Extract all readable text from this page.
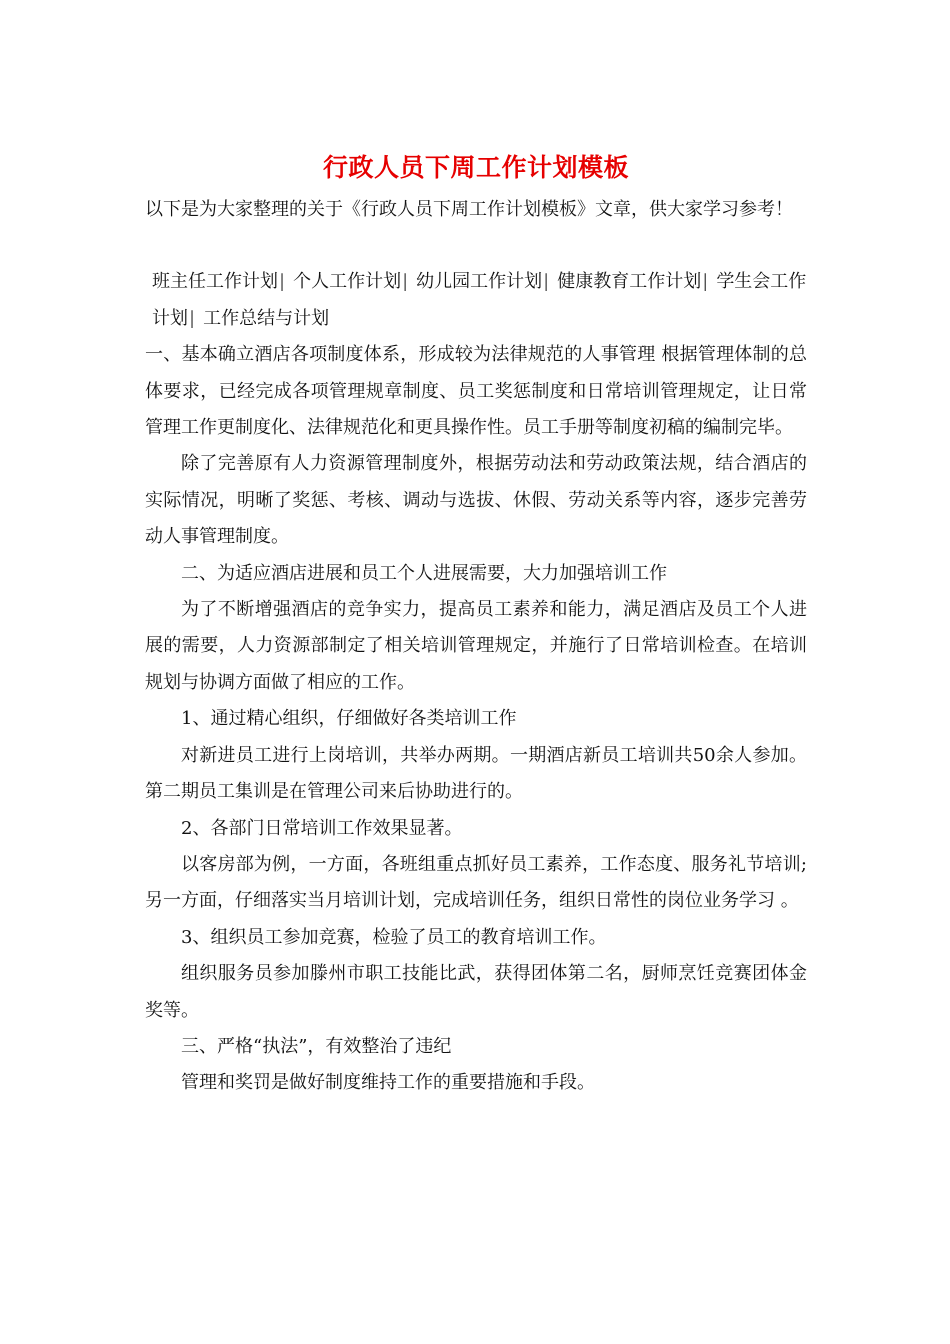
行政人员下周工作计划模板

以下是为大家整理的关于《行政人员下周工作计划模板》文章，供大家学习参考！

班主任工作计划| 个人工作计划| 幼儿园工作计划| 健康教育工作计划| 学生会工作计划| 工作总结与计划

一、基本确立酒店各项制度体系，形成较为法律规范的人事管理 根据管理体制的总体要求，已经完成各项管理规章制度、员工奖惩制度和日常培训管理规定，让日常管理工作更制度化、法律规范化和更具操作性。员工手册等制度初稿的编制完毕。

除了完善原有人力资源管理制度外，根据劳动法和劳动政策法规，结合酒店的实际情况，明晰了奖惩、考核、调动与选拔、休假、劳动关系等内容，逐步完善劳动人事管理制度。

二、为适应酒店进展和员工个人进展需要，大力加强培训工作

为了不断增强酒店的竞争实力，提高员工素养和能力，满足酒店及员工个人进展的需要，人力资源部制定了相关培训管理规定，并施行了日常培训检查。在培训规划与协调方面做了相应的工作。

1、通过精心组织，仔细做好各类培训工作

对新进员工进行上岗培训，共举办两期。一期酒店新员工培训共50余人参加。第二期员工集训是在管理公司来后协助进行的。

2、各部门日常培训工作效果显著。

以客房部为例，一方面，各班组重点抓好员工素养，工作态度、服务礼节培训;另一方面，仔细落实当月培训计划，完成培训任务，组织日常性的岗位业务学习 。

3、组织员工参加竞赛，检验了员工的教育培训工作。

组织服务员参加滕州市职工技能比武，获得团体第二名，厨师烹饪竞赛团体金奖等。

三、严格“执法”，有效整治了违纪

管理和奖罚是做好制度维持工作的重要措施和手段。
